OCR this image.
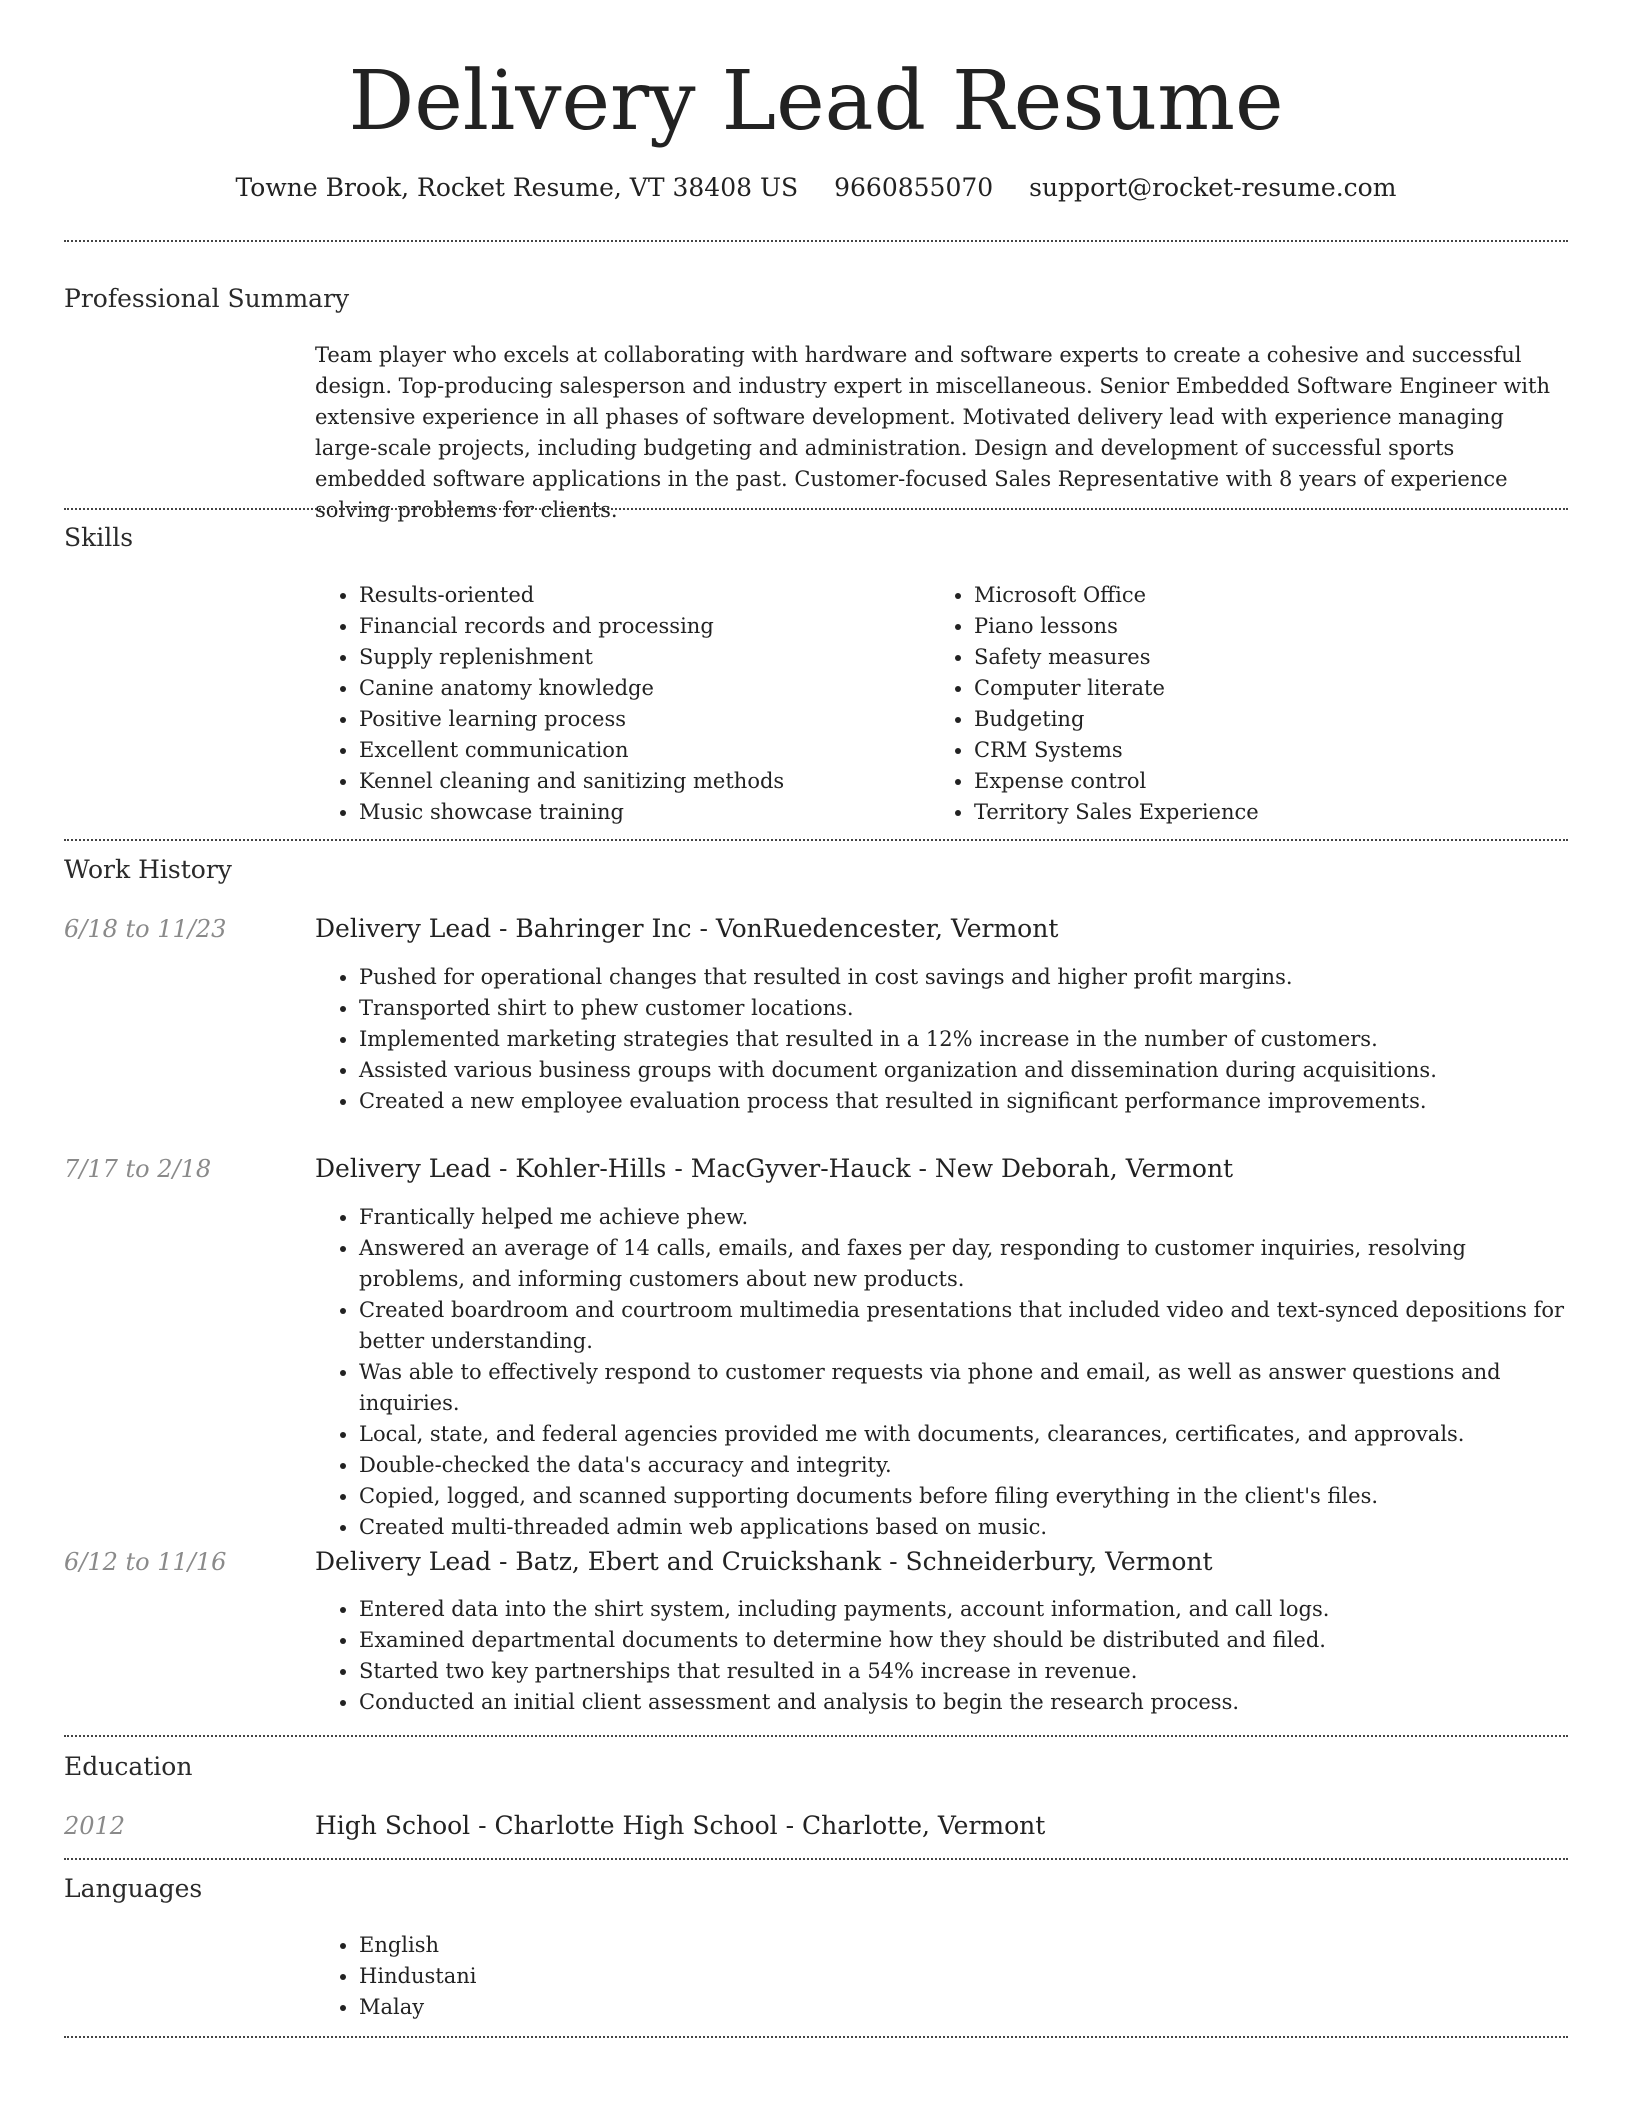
Delivery Lead Resume
Towne Brook, Rocket Resume, VT 38408 US 9660855070 support@rocket-resume.com
Professional Summary

Team player who excels at collaborating with hardware and software experts to create a cohesive and successful design. Top-producing salesperson and industry expert in miscellaneous. Senior Embedded Software Engineer with extensive experience in all phases of software development. Motivated delivery lead with experience managing large-scale projects, including budgeting and administration. Design and development of successful sports embedded software applications in the past. Customer-focused Sales Representative with 8 years of experience solving problems for clients.

Skills
• Results-oriented
• Financial records and processing
• Supply replenishment
• Canine anatomy knowledge
• Positive learning process
• Excellent communication
• Kennel cleaning and sanitizing methods
• Music showcase training
• Microsoft Office
• Piano lessons
• Safety measures
• Computer literate
• Budgeting
• CRM Systems
• Expense control
• Territory Sales Experience
Work History
6/18 to 11/23	Delivery Lead - Bahringer Inc - VonRuedencester, Vermont
• Pushed for operational changes that resulted in cost savings and higher profit margins.
• Transported shirt to phew customer locations.
• Implemented marketing strategies that resulted in a 12% increase in the number of customers.
• Assisted various business groups with document organization and dissemination during acquisitions.
• Created a new employee evaluation process that resulted in significant performance improvements.
7/17 to 2/18	Delivery Lead - Kohler-Hills - MacGyver-Hauck - New Deborah, Vermont
• Frantically helped me achieve phew.
• Answered an average of 14 calls, emails, and faxes per day, responding to customer inquiries, resolving problems, and informing customers about new products.
• Created boardroom and courtroom multimedia presentations that included video and text-synced depositions for better understanding.
• Was able to effectively respond to customer requests via phone and email, as well as answer questions and inquiries.
• Local, state, and federal agencies provided me with documents, clearances, certificates, and approvals.
• Double-checked the data's accuracy and integrity.
• Copied, logged, and scanned supporting documents before filing everything in the client's files.
• Created multi-threaded admin web applications based on music.
6/12 to 11/16	Delivery Lead - Batz, Ebert and Cruickshank - Schneiderbury, Vermont
• Entered data into the shirt system, including payments, account information, and call logs.
• Examined departmental documents to determine how they should be distributed and filed.
• Started two key partnerships that resulted in a 54% increase in revenue.
• Conducted an initial client assessment and analysis to begin the research process.
Education
2012	High School - Charlotte High School - Charlotte, Vermont
Languages
• English
• Hindustani
• Malay
